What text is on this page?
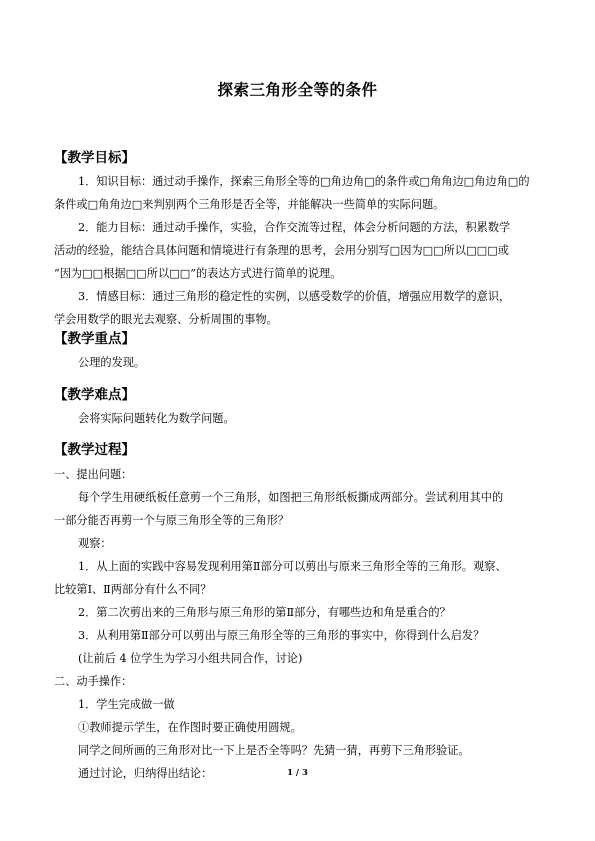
探索三角形全等的条件
【教学目标】
1．知识目标：通过动手操作，探索三角形全等的□角边角□的条件或□角角边□角边角□的
条件或□角角边□来判别两个三角形是否全等，并能解决一些简单的实际问题。
2．能力目标：通过动手操作，实验，合作交流等过程，体会分析问题的方法，积累数学
活动的经验，能结合具体问题和情境进行有条理的思考，会用分别写□因为□□所以□□□或
“因为□□根据□□所以□□”的表达方式进行简单的说理。
3．情感目标：通过三角形的稳定性的实例，以感受数学的价值，增强应用数学的意识，
学会用数学的眼光去观察、分析周围的事物。
【教学重点】
公理的发现。
【教学难点】
会将实际问题转化为数学问题。
【教学过程】
一、提出问题：
每个学生用硬纸板任意剪一个三角形，如图把三角形纸板撕成两部分。尝试利用其中的
一部分能否再剪一个与原三角形全等的三角形？
观察：
1．从上面的实践中容易发现利用第Ⅱ部分可以剪出与原来三角形全等的三角形。观察、
比较第Ⅰ、Ⅱ两部分有什么不同？
2．第二次剪出来的三角形与原三角形的第Ⅱ部分，有哪些边和角是重合的？
3．从利用第Ⅱ部分可以剪出与原三角形全等的三角形的事实中，你得到什么启发？
(让前后 4 位学生为学习小组共同合作，讨论)
二、动手操作：
1．学生完成做一做
①教师提示学生，在作图时要正确使用圆规。
同学之间所画的三角形对比一下上是否全等吗？先猜一猜，再剪下三角形验证。
通过讨论，归纳得出结论：	1 / 3
